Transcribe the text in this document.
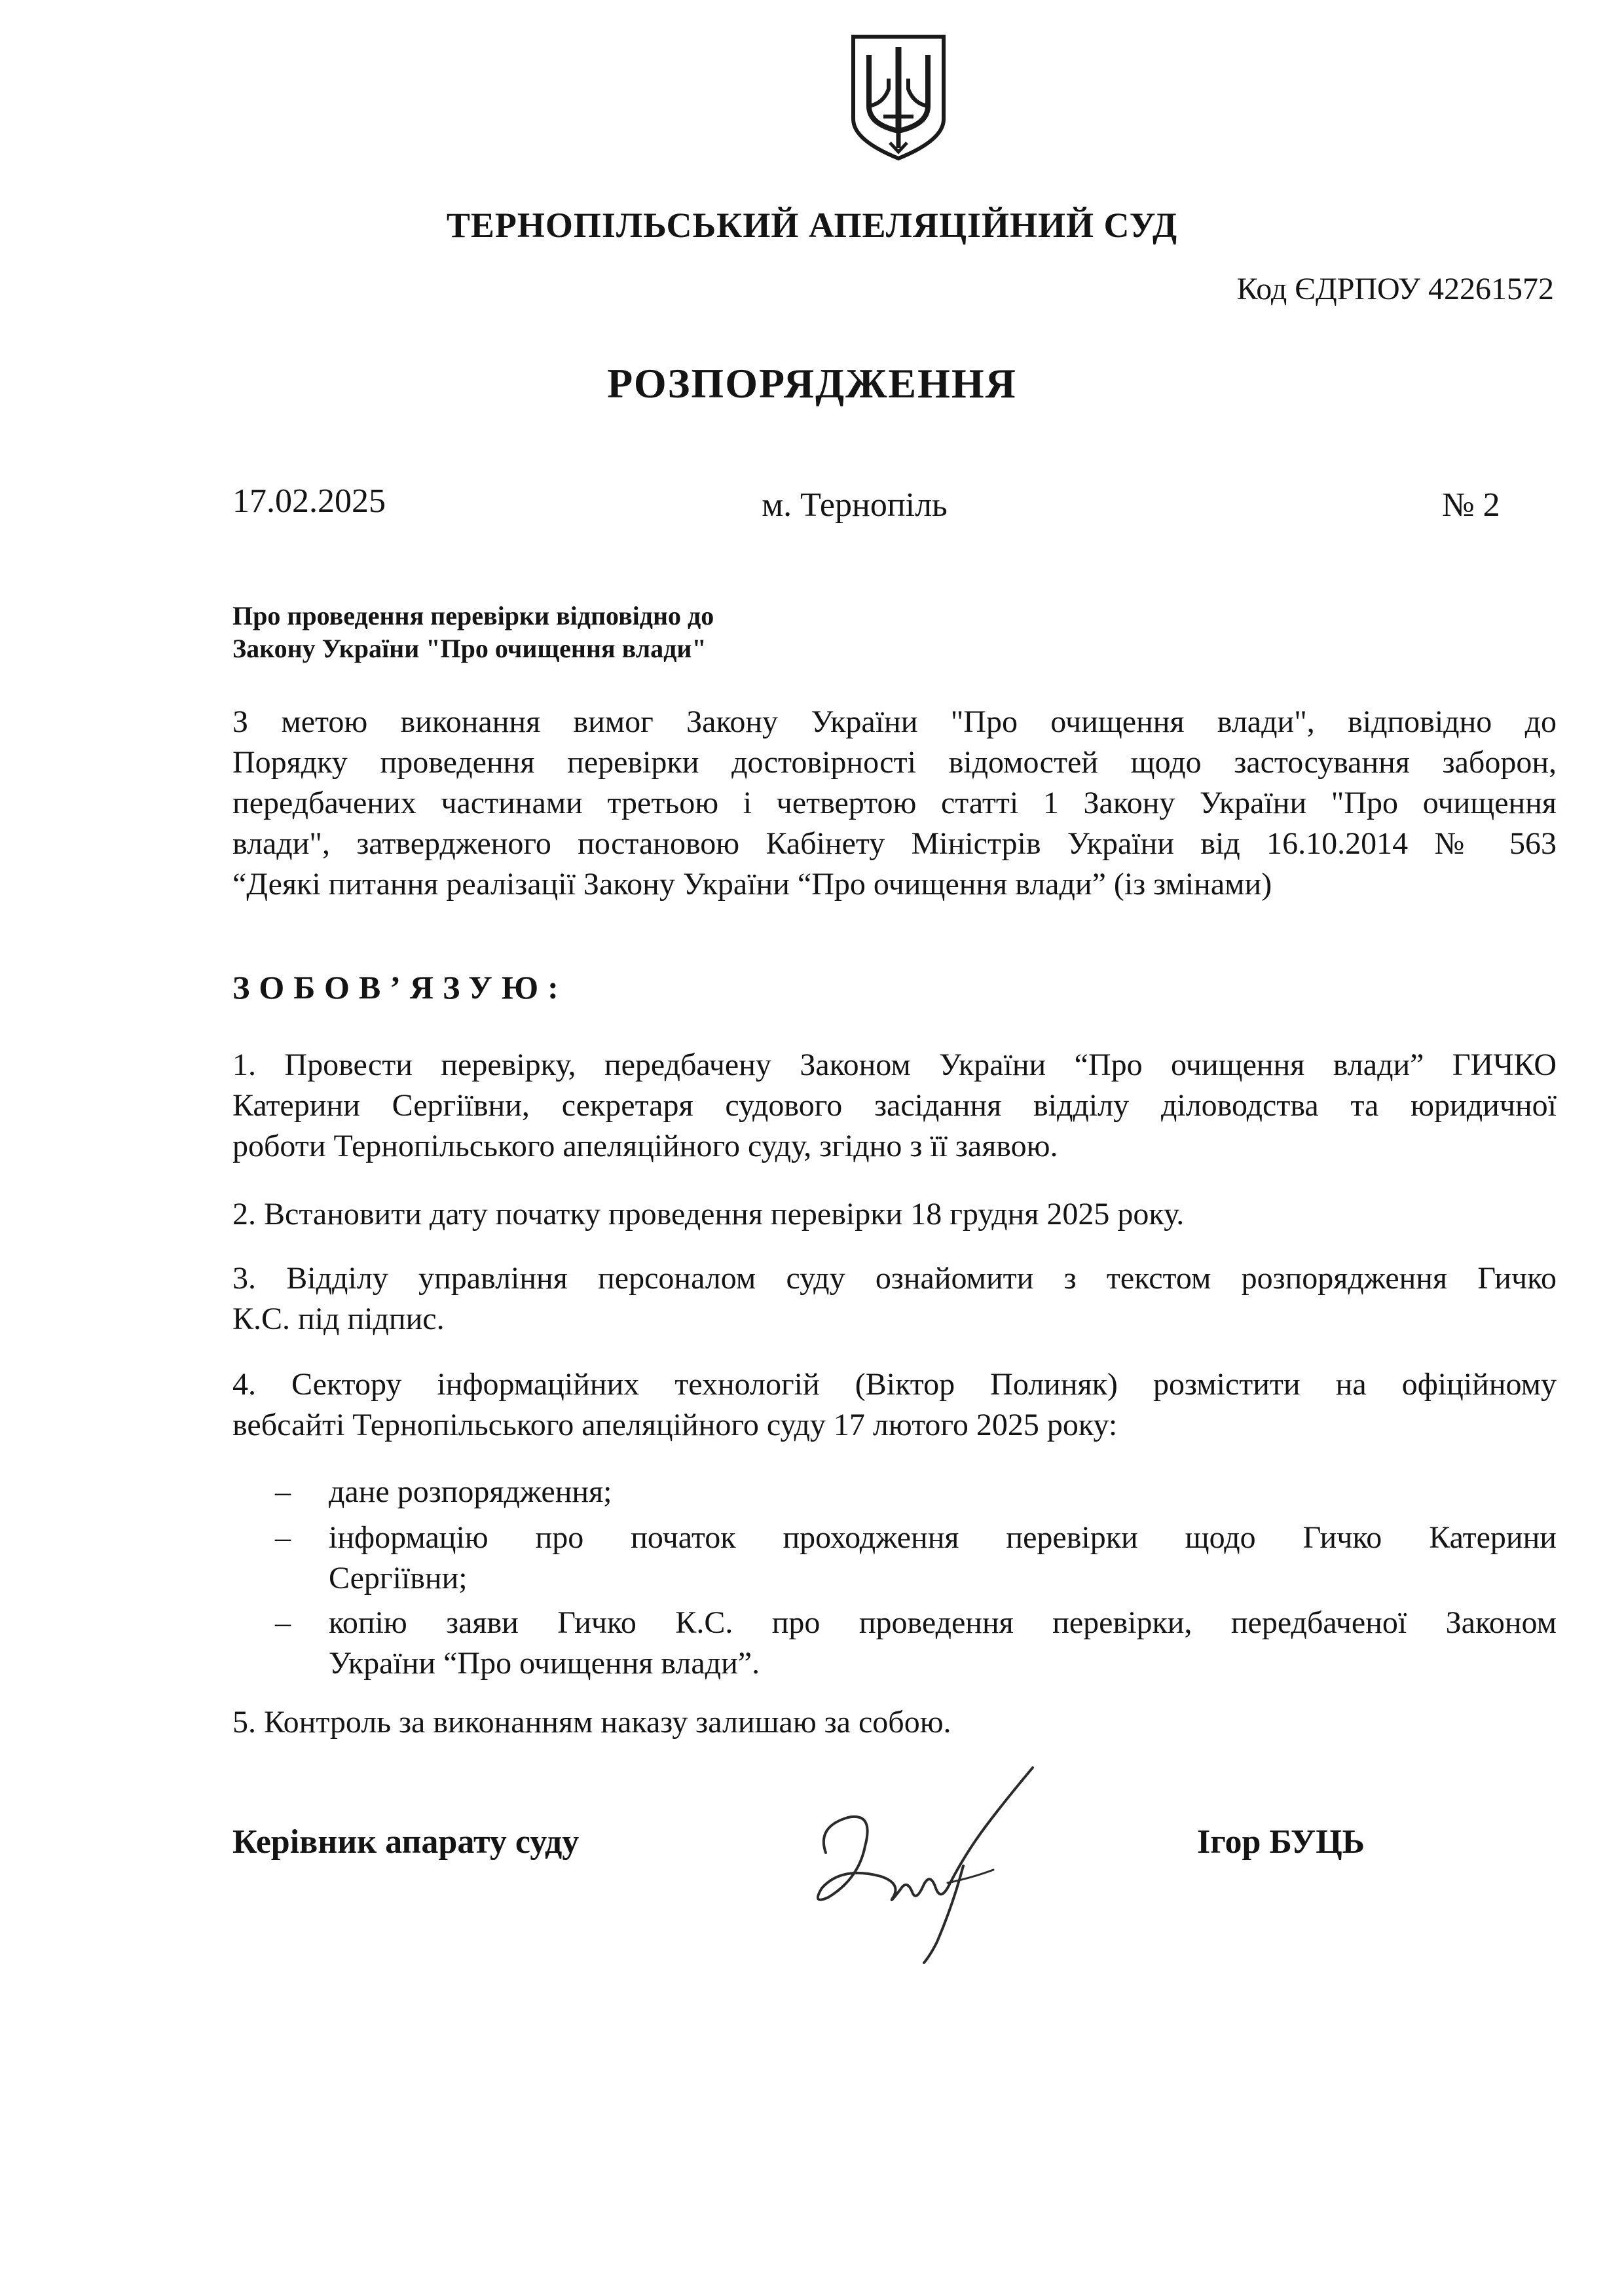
ТЕРНОПІЛЬСЬКИЙ АПЕЛЯЦІЙНИЙ СУД
Код ЄДРПОУ 42261572
РОЗПОРЯДЖЕННЯ
17.02.2025	м. Тернопіль	№ 2
Про проведення перевірки відповідно до
Закону України "Про очищення влади"

З метою виконання вимог Закону України "Про очищення влади", відповідно до

Порядку проведення перевірки достовірності відомостей щодо застосування заборон,

передбачених частинами третьою і четвертою статті 1 Закону України "Про очищення

влади", затвердженого постановою Кабінету Міністрів України від 16.10.2014 № 563

“Деякі питання реалізації Закону України “Про очищення влади” (із змінами)

ЗОБОВ’ЯЗУЮ:

1. Провести перевірку, передбачену Законом України “Про очищення влади” ГИЧКО

Катерини Сергіївни, секретаря судового засідання відділу діловодства та юридичної

роботи Тернопільського апеляційного суду, згідно з її заявою.

2. Встановити дату початку проведення перевірки 18 грудня 2025 року.

3. Відділу управління персоналом суду ознайомити з текстом розпорядження Гичко

К.С. під підпис.

4. Сектору інформаційних технологій (Віктор Полиняк) розмістити на офіційному

вебсайті Тернопільського апеляційного суду 17 лютого 2025 року:

– дане розпорядження;

– інформацію про початок проходження перевірки щодо Гичко Катерини

Сергіївни;

– копію заяви Гичко К.С. про проведення перевірки, передбаченої Законом

України “Про очищення влади”.

5. Контроль за виконанням наказу залишаю за собою.

Керівник апарату суду	Ігор БУЦЬ
